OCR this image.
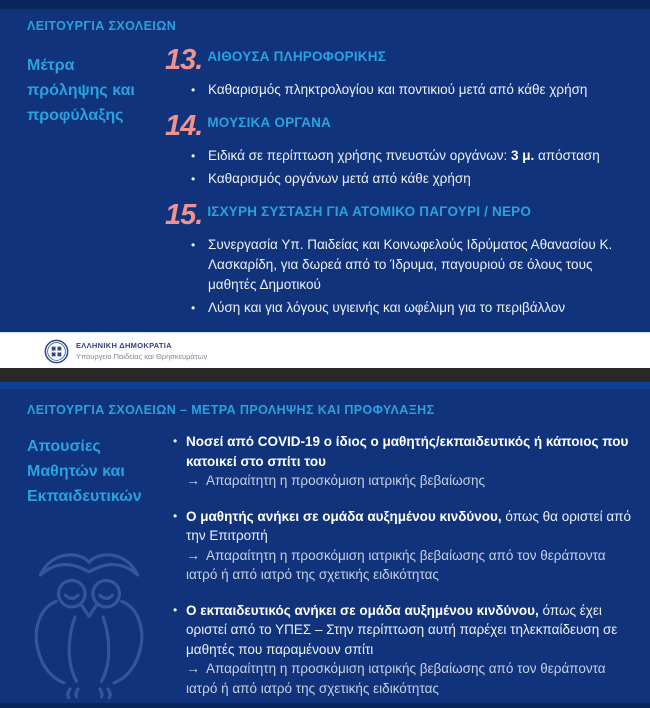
ΛΕΙΤΟΥΡΓΙΑ ΣΧΟΛΕΙΩΝ
Μέτρα πρόληψης και προφύλαξης
13. ΑΙΘΟΥΣΑ ΠΛΗΡΟΦΟΡΙΚΗΣ
• Καθαρισμός πληκτρολογίου και ποντικιού μετά από κάθε χρήση
14. ΜΟΥΣΙΚΑ ΟΡΓΑΝΑ
• Ειδικά σε περίπτωση χρήσης πνευστών οργάνων: 3 μ. απόσταση
• Καθαρισμός οργάνων μετά από κάθε χρήση
15. ΙΣΧΥΡΗ ΣΥΣΤΑΣΗ ΓΙΑ ΑΤΟΜΙΚΟ ΠΑΓΟΥΡΙ / ΝΕΡΟ
• Συνεργασία Υπ. Παιδείας και Κοινωφελούς Ιδρύματος Αθανασίου Κ. Λασκαρίδη, για δωρεά από το Ίδρυμα, παγουριού σε όλους τους μαθητές Δημοτικού
• Λύση και για λόγους υγιεινής και ωφέλιμη για το περιβάλλον
ΕΛΛΗΝΙΚΗ ΔΗΜΟΚΡΑΤΙΑ
Υπουργείο Παιδείας και Θρησκευμάτων
ΛΕΙΤΟΥΡΓΙΑ ΣΧΟΛΕΙΩΝ – ΜΕΤΡΑ ΠΡΟΛΗΨΗΣ ΚΑΙ ΠΡΟΦΥΛΑΞΗΣ
Απουσίες Μαθητών και Εκπαιδευτικών
• Νοσεί από COVID-19 ο ίδιος ο μαθητής/εκπαιδευτικός ή κάποιος που κατοικεί στο σπίτι του
→ Απαραίτητη η προσκόμιση ιατρικής βεβαίωσης
• Ο μαθητής ανήκει σε ομάδα αυξημένου κινδύνου, όπως θα οριστεί από την Επιτροπή
→ Απαραίτητη η προσκόμιση ιατρικής βεβαίωσης από τον θεράποντα ιατρό ή από ιατρό της σχετικής ειδικότητας
• Ο εκπαιδευτικός ανήκει σε ομάδα αυξημένου κινδύνου, όπως έχει οριστεί από το ΥΠΕΣ – Στην περίπτωση αυτή παρέχει τηλεκπαίδευση σε μαθητές που παραμένουν σπίτι
→ Απαραίτητη η προσκόμιση ιατρικής βεβαίωσης από τον θεράποντα ιατρό ή από ιατρό της σχετικής ειδικότητας
